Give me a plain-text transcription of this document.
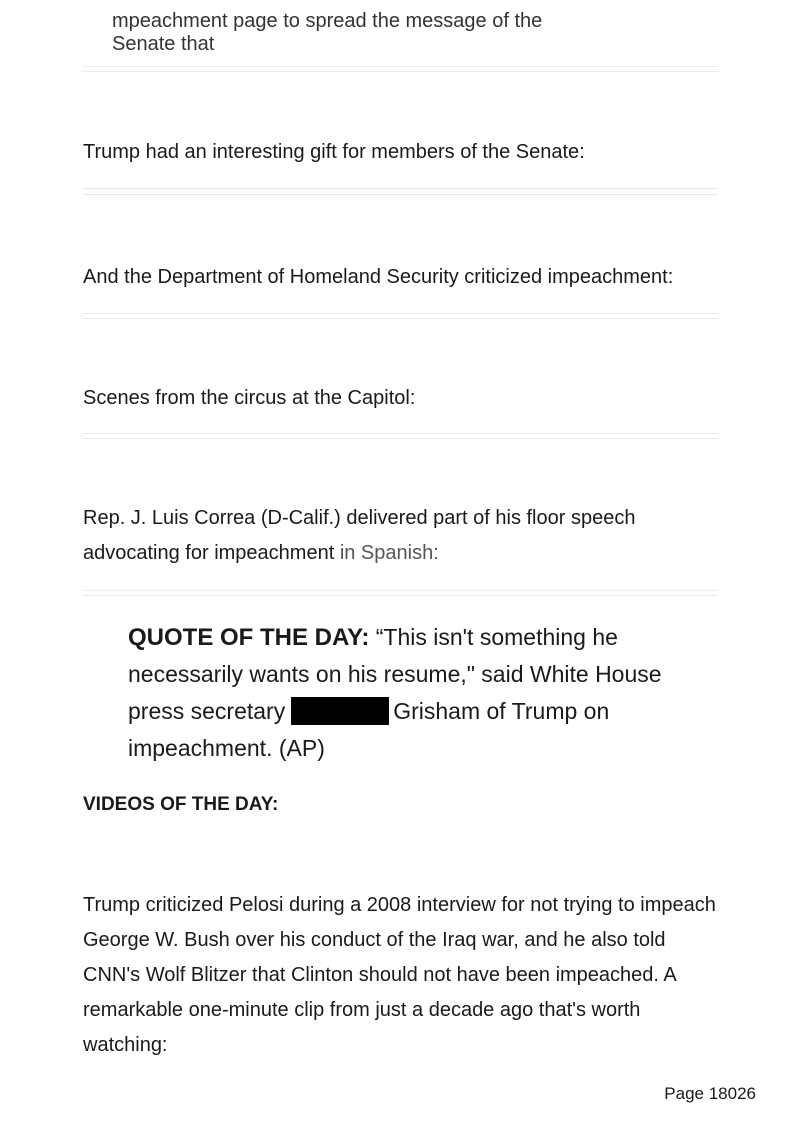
mpeachment page to spread the message of the Senate that
Trump had an interesting gift for members of the Senate:
And the Department of Homeland Security criticized impeachment:
Scenes from the circus at the Capitol:
Rep. J. Luis Correa (D-Calif.) delivered part of his floor speech advocating for impeachment in Spanish:
QUOTE OF THE DAY: “This isn't something he necessarily wants on his resume," said White House press secretary	Grisham of Trump on impeachment. (AP)
VIDEOS OF THE DAY:
Trump criticized Pelosi during a 2008 interview for not trying to impeach George W. Bush over his conduct of the Iraq war, and he also told CNN's Wolf Blitzer that Clinton should not have been impeached. A remarkable one-minute clip from just a decade ago that's worth watching:
Page 18026
